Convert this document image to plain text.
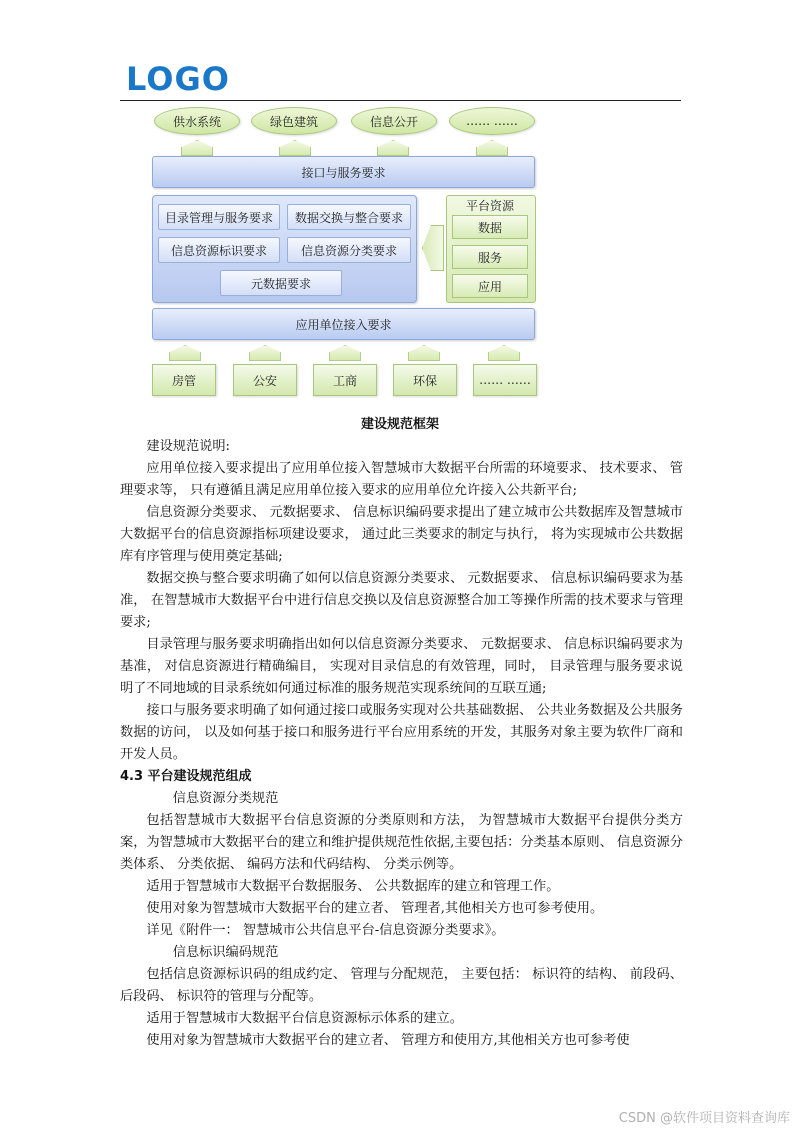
LOGO
供水系统	绿色建筑	信息公开	…… ……
接口与服务要求
目录管理与服务要求	数据交换与整合要求
信息资源标识要求	信息资源分类要求
元数据要求
平台资源
数据
服务
应用
应用单位接入要求
房管	公安	工商	环保	…… ……
建设规范框架

建设规范说明:

应用单位接入要求提出了应用单位接入智慧城市大数据平台所需的环境要求、 技术要求、 管理要求等， 只有遵循且满足应用单位接入要求的应用单位允许接入公共新平台;

信息资源分类要求、 元数据要求、 信息标识编码要求提出了建立城市公共数据库及智慧城市大数据平台的信息资源指标项建设要求， 通过此三类要求的制定与执行， 将为实现城市公共数据库有序管理与使用奠定基础;

数据交换与整合要求明确了如何以信息资源分类要求、 元数据要求、 信息标识编码要求为基准， 在智慧城市大数据平台中进行信息交换以及信息资源整合加工等操作所需的技术要求与管理要求;

目录管理与服务要求明确指出如何以信息资源分类要求、 元数据要求、 信息标识编码要求为基准， 对信息资源进行精确编目， 实现对目录信息的有效管理，同时， 目录管理与服务要求说明了不同地域的目录系统如何通过标准的服务规范实现系统间的互联互通;

接口与服务要求明确了如何通过接口或服务实现对公共基础数据、 公共业务数据及公共服务数据的访问， 以及如何基于接口和服务进行平台应用系统的开发，其服务对象主要为软件厂商和开发人员。

4.3 平台建设规范组成

信息资源分类规范

包括智慧城市大数据平台信息资源的分类原则和方法， 为智慧城市大数据平台提供分类方案，为智慧城市大数据平台的建立和维护提供规范性依据,主要包括：分类基本原则、 信息资源分类体系、 分类依据、 编码方法和代码结构、 分类示例等。

适用于智慧城市大数据平台数据服务、 公共数据库的建立和管理工作。

使用对象为智慧城市大数据平台的建立者、 管理者,其他相关方也可参考使用。

详见《附件一： 智慧城市公共信息平台-信息资源分类要求》。

信息标识编码规范

包括信息资源标识码的组成约定、 管理与分配规范， 主要包括： 标识符的结构、 前段码、 后段码、 标识符的管理与分配等。

适用于智慧城市大数据平台信息资源标示体系的建立。

使用对象为智慧城市大数据平台的建立者、 管理方和使用方,其他相关方也可参考使

CSDN @软件项目资料查询库
